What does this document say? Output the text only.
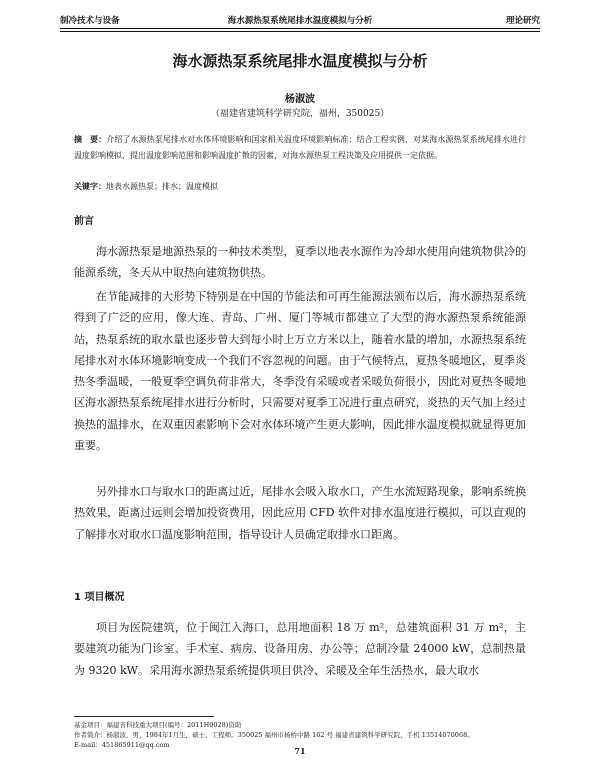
制冷技术与设备	海水源热泵系统尾排水温度模拟与分析	理论研究
海水源热泵系统尾排水温度模拟与分析
杨淑波
（福建省建筑科学研究院，福州，350025）
摘　要：介绍了水源热泵尾排水对水体环境影响和国家相关温度环境影响标准；结合工程实例，对某海水源热泵系统尾排水进行温度影响模拟，提出温度影响范围和影响温度扩散的因素，对海水源热泵工程决策及应用提供一定依据。
关键字：地表水源热泵；排水；温度模拟
前言
海水源热泵是地源热泵的一种技术类型，夏季以地表水源作为冷却水使用向建筑物供冷的能源系统，冬天从中取热向建筑物供热。
在节能减排的大形势下特别是在中国的节能法和可再生能源法颁布以后，海水源热泵系统得到了广泛的应用，像大连、青岛、广州、厦门等城市都建立了大型的海水源热泵系统能源站，热泵系统的取水量也逐步曾大到每小时上万立方米以上，随着水量的增加，水源热泵系统尾排水对水体环境影响变成一个我们不容忽视的问题。由于气候特点，夏热冬暖地区，夏季炎热冬季温暖，一般夏季空调负荷非常大，冬季没有采暖或者采暖负荷很小，因此对夏热冬暖地区海水源热泵系统尾排水进行分析时，只需要对夏季工况进行重点研究，炎热的天气加上经过换热的温排水，在双重因素影响下会对水体环境产生更大影响，因此排水温度模拟就显得更加重要。
另外排水口与取水口的距离过近，尾排水会吸入取水口，产生水流短路现象，影响系统换热效果，距离过远则会增加投资费用，因此应用 CFD 软件对排水温度进行模拟，可以直观的了解排水对取水口温度影响范围，指导设计人员确定取排水口距离。
1 项目概况
项目为医院建筑，位于闽江入海口，总用地面积 18 万 m²，总建筑面积 31 万 m²，主要建筑功能为门诊室、手术室、病房、设备用房、办公等；总制冷量 24000 kW，总制热量为 9320 kW。采用海水源热泵系统提供项目供冷、采暖及全年生活热水，最大取水
基金项目：福建省科技重大项目(编号：2011H0028)资助
作者简介：杨淑波，男，1984年1月生，硕士，工程师。350025 福州市杨桥中路 162 号 福建省建筑科学研究院，手机 13514070068。
E-mail：451865911@qq.com
71
